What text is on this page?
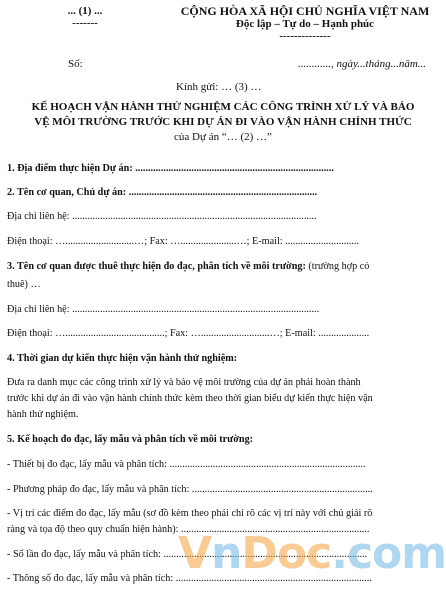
... (1) ...
-------
CỘNG HÒA XÃ HỘI CHỦ NGHĨA VIỆT NAM
Độc lập – Tự do – Hạnh phúc
--------------
Số:	............, ngày...tháng...năm...
Kính gửi: … (3) …
KẾ HOẠCH VẬN HÀNH THỬ NGHIỆM CÁC CÔNG TRÌNH XỬ LÝ VÀ BẢO
VỆ MÔI TRƯỜNG TRƯỚC KHI DỰ ÁN ĐI VÀO VẬN HÀNH CHÍNH THỨC
của Dự án “… (2) …”
1. Địa điểm thực hiện Dự án: ..............................................................................
2. Tên cơ quan, Chủ dự án: ..........................................................................
Địa chỉ liên hệ: ................................................................................................
Điện thoại: …...........................…; Fax: …......................…; E-mail: .............................
3. Tên cơ quan được thuê thực hiện đo đạc, phân tích về môi trường: (trường hợp có
thuê) …
Địa chỉ liên hệ: .................................................................................................
Điện thoại: ….......................................; Fax: …...........................…; E-mail: ....................
4. Thời gian dự kiến thực hiện vận hành thử nghiệm:
Đưa ra danh mục các công trình xử lý và bảo vệ môi trường của dự án phải hoàn thành
trước khi dự án đi vào vận hành chính thức kèm theo thời gian biểu dự kiến thực hiện vận
hành thử nghiệm.
5. Kế hoạch đo đạc, lấy mẫu và phân tích về môi trường:
- Thiết bị đo đạc, lấy mẫu và phân tích: .............................................................................
- Phương pháp đo đạc, lấy mẫu và phân tích: .......................................................................
- Vị trí các điểm đo đạc, lấy mẫu (sơ đồ kèm theo phải chỉ rõ các vị trí này với chủ giải rõ
ràng và tọa độ theo quy chuẩn hiện hành): ..........................................................................
- Số lần đo đạc, lấy mẫu và phân tích: ................................................................................
- Thông số đo đạc, lấy mẫu và phân tích: .............................................................................
VnDoc.com
